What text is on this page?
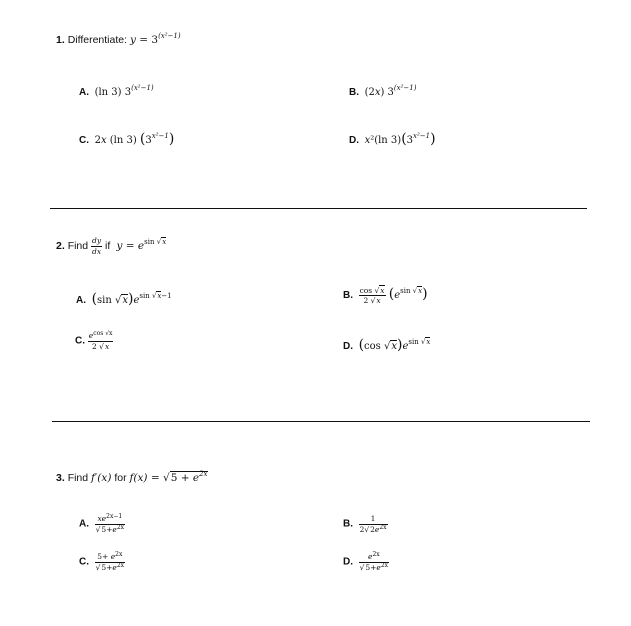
1. Differentiate: $y = 3^{(x^2-1)}$
A. (ln 3) $3^{(x^2-1)}$	B. (2x) $3^{(x^2-1)}$
C. 2x (ln 3) $(3^{x^2-1})$	D. x²(ln $3)(3^{x^2-1})$
2. Find $\frac{dy}{dx}$ if  $y = e^{sin √x}$
A. (sin $√x)e^{sin √x-1}$	B. $\frac{\cos √x}{2 √x} (e^{sin √x})$
C. $\frac{e^{cos √x}}{2 √x}$	D. (cos $√x)e^{sin √x}$
3. Find f′(x) for $f(x) = √5 + e^{2x}$
A. $\frac{xe^{2x-1}}{√5+e^{2x}}$	B. $\frac{1}{2√2e^{2x}}$
C. $\frac{5+ e^{2x}}{√5+e^{2x}}$	D. $\frac{e^{2x}}{√5+e^{2x}}$
